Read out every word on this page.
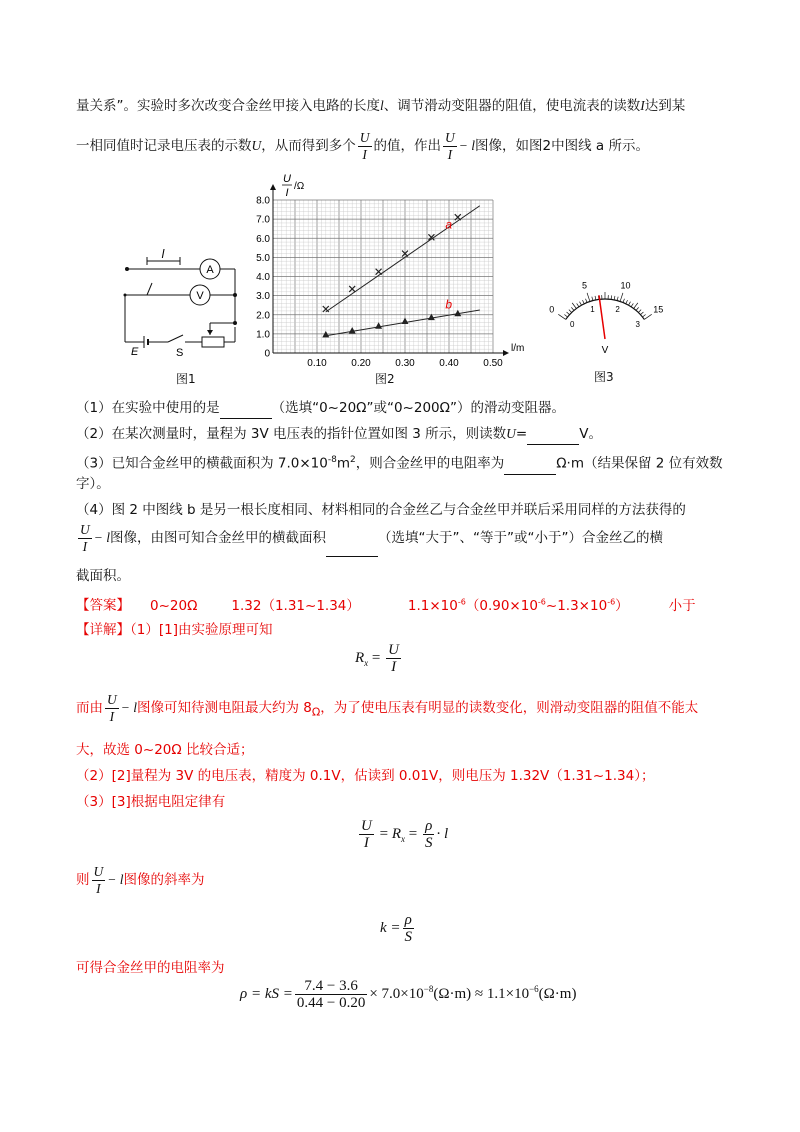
量关系”。实验时多次改变合金丝甲接入电路的长度l、调节滑动变阻器的阻值，使电流表的读数I达到某
一相同值时记录电压表的示数U，从而得到多个 $\frac{U}{I}$ 的值，作出 $\frac{U}{I} - l$图像，如图2中图线 a 所示。
A
V
l
E	S
图1
0
1.0
2.0
3.0
4.0
5.0
6.0
7.0
8.0
0.10 0.20 0.30 0.40 0.50
U
I
/Ω
l/m
a
b
图2
0
5	10
15
0
1	2
3
V
图3
（1）在实验中使用的是	（选填“0~20Ω”或“0~200Ω”）的滑动变阻器。
（2）在某次测量时，量程为 3V 电压表的指针位置如图 3 所示，则读数U=	V。
（3）已知合金丝甲的横截面积为 $7.0\times 10^{-8}m^2$，则合金丝甲的电阻率为	Ω·m（结果保留 2 位有效数
字）。
（4）图 2 中图线 b 是另一根长度相同、材料相同的合金丝乙与合金丝甲并联后采用同样的方法获得的
$\frac{U}{I} - l$图像，由图可知合金丝甲的横截面积	（选填“大于”、“等于”或“小于”）合金丝乙的横
截面积。
【答案】 0~20Ω	1.32（1.31~1.34）	$1.1\times 10^{-6}(0.90\times 10^{-6}\sim 1.3\times 10^{-6})$	小于
【详解】（1）[1]由实验原理可知
$R_x = \frac{U}{I}$
而由 $\frac{U}{I} - l$图像可知待测电阻最大约为 $8_\Omega$，为了使电压表有明显的读数变化，则滑动变阻器的阻值不能太
大，故选 0~20Ω 比较合适；
（2）[2]量程为 3V 的电压表，精度为 0.1V，估读到 0.01V，则电压为 1.32V（1.31~1.34）；
（3）[3]根据电阻定律有
$\frac{U}{I} = R_x = \frac{\rho}{S} \cdot l$
则 $\frac{U}{I} - l$图像的斜率为
$k = \frac{\rho}{S}$
可得合金丝甲的电阻率为
ρ = kS = $\frac{7.4 - 3.6}{0.44 - 0.20} \times 7.0\times 10^{-8}(\Omega\cdot m) \approx 1.1\times 10^{-6}(\Omega\cdot m)$
